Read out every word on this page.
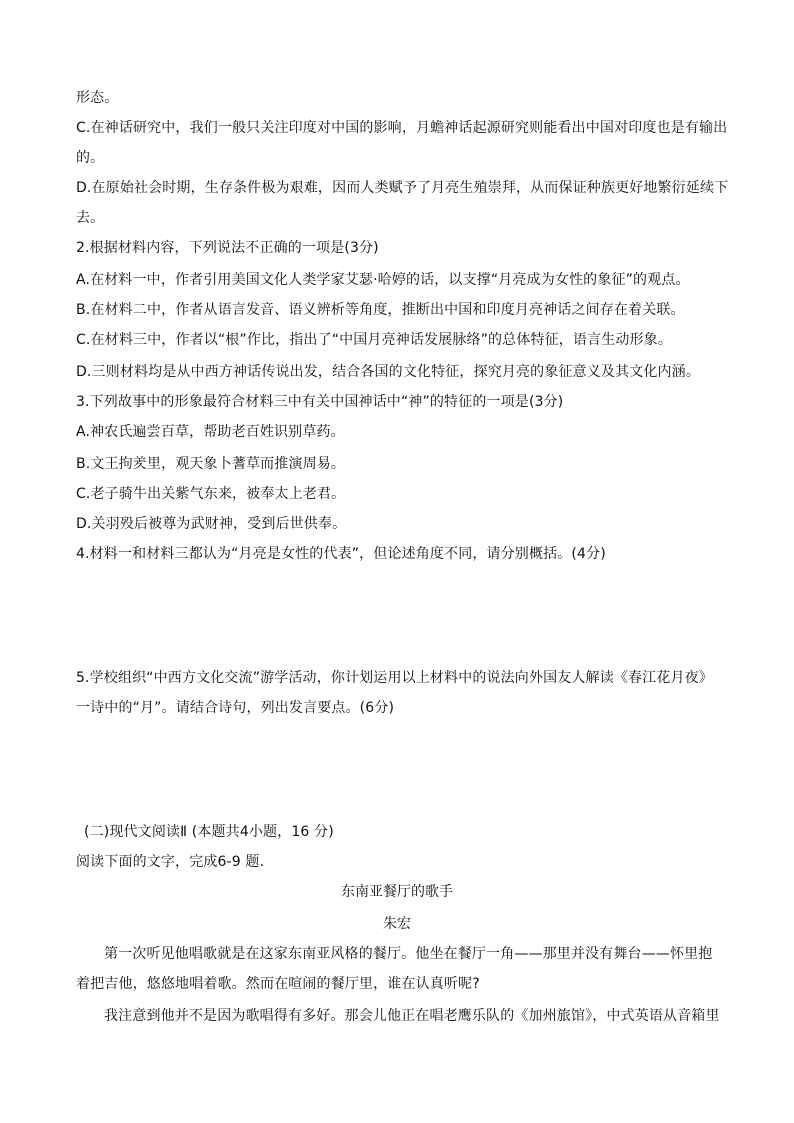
形态。
C.在神话研究中，我们一般只关注印度对中国的影响，月蟾神话起源研究则能看出中国对印度也是有输出
的。
D.在原始社会时期，生存条件极为艰难，因而人类赋予了月亮生殖崇拜，从而保证种族更好地繁衍延续下
去。
2.根据材料内容，下列说法不正确的一项是(3分)
A.在材料一中，作者引用美国文化人类学家艾瑟·哈婷的话，以支撑“月亮成为女性的象征”的观点。
B.在材料二中，作者从语言发音、语义辨析等角度，推断出中国和印度月亮神话之间存在着关联。
C.在材料三中，作者以“根”作比，指出了“中国月亮神话发展脉络”的总体特征，语言生动形象。
D.三则材料均是从中西方神话传说出发，结合各国的文化特征，探究月亮的象征意义及其文化内涵。
3.下列故事中的形象最符合材料三中有关中国神话中“神”的特征的一项是(3分)
A.神农氏遍尝百草，帮助老百姓识别草药。
B.文王拘羑里，观天象卜蓍草而推演周易。
C.老子骑牛出关紫气东来，被奉太上老君。
D.关羽殁后被尊为武财神，受到后世供奉。
4.材料一和材料三都认为“月亮是女性的代表”，但论述角度不同，请分别概括。(4分)
5.学校组织“中西方文化交流”游学活动，你计划运用以上材料中的说法向外国友人解读《春江花月夜》
一诗中的“月”。请结合诗句，列出发言要点。(6分)
(二)现代文阅读Ⅱ (本题共4小题，16 分)
阅读下面的文字，完成6-9 题.
东南亚餐厅的歌手
朱宏
第一次听见他唱歌就是在这家东南亚风格的餐厅。他坐在餐厅一角——那里并没有舞台——怀里抱
着把吉他，悠悠地唱着歌。然而在喧闹的餐厅里，谁在认真听呢?
我注意到他并不是因为歌唱得有多好。那会儿他正在唱老鹰乐队的《加州旅馆》，中式英语从音箱里
